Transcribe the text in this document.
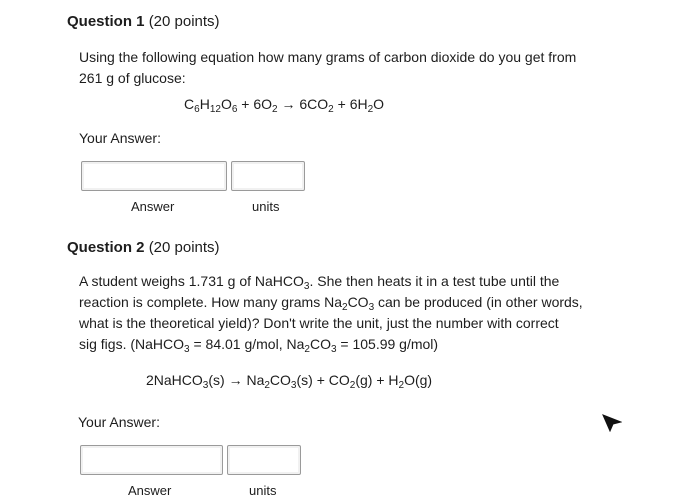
Question 1 (20 points)
Using the following equation how many grams of carbon dioxide do you get from
261 g of glucose:
$C_6H_{12}O_6 + 6O_2 \to 6CO_2 + 6H_2O$
Your Answer:
Answer	units
Question 2 (20 points)
A student weighs 1.731 g of NaHCO$_3$. She then heats it in a test tube until the
reaction is complete. How many grams $Na_2CO_3$ can be produced (in other words,
what is the theoretical yield)? Don't write the unit, just the number with correct
sig figs. (NaHCO$_3$ = 84.01 g/mol, $Na_2CO_3 = 105.99$ g/mol)
2NaHCO$_3$(s) → $Na_2CO_3(s) + CO_2(g) + H_2O(g)$
Your Answer:
Answer	units
